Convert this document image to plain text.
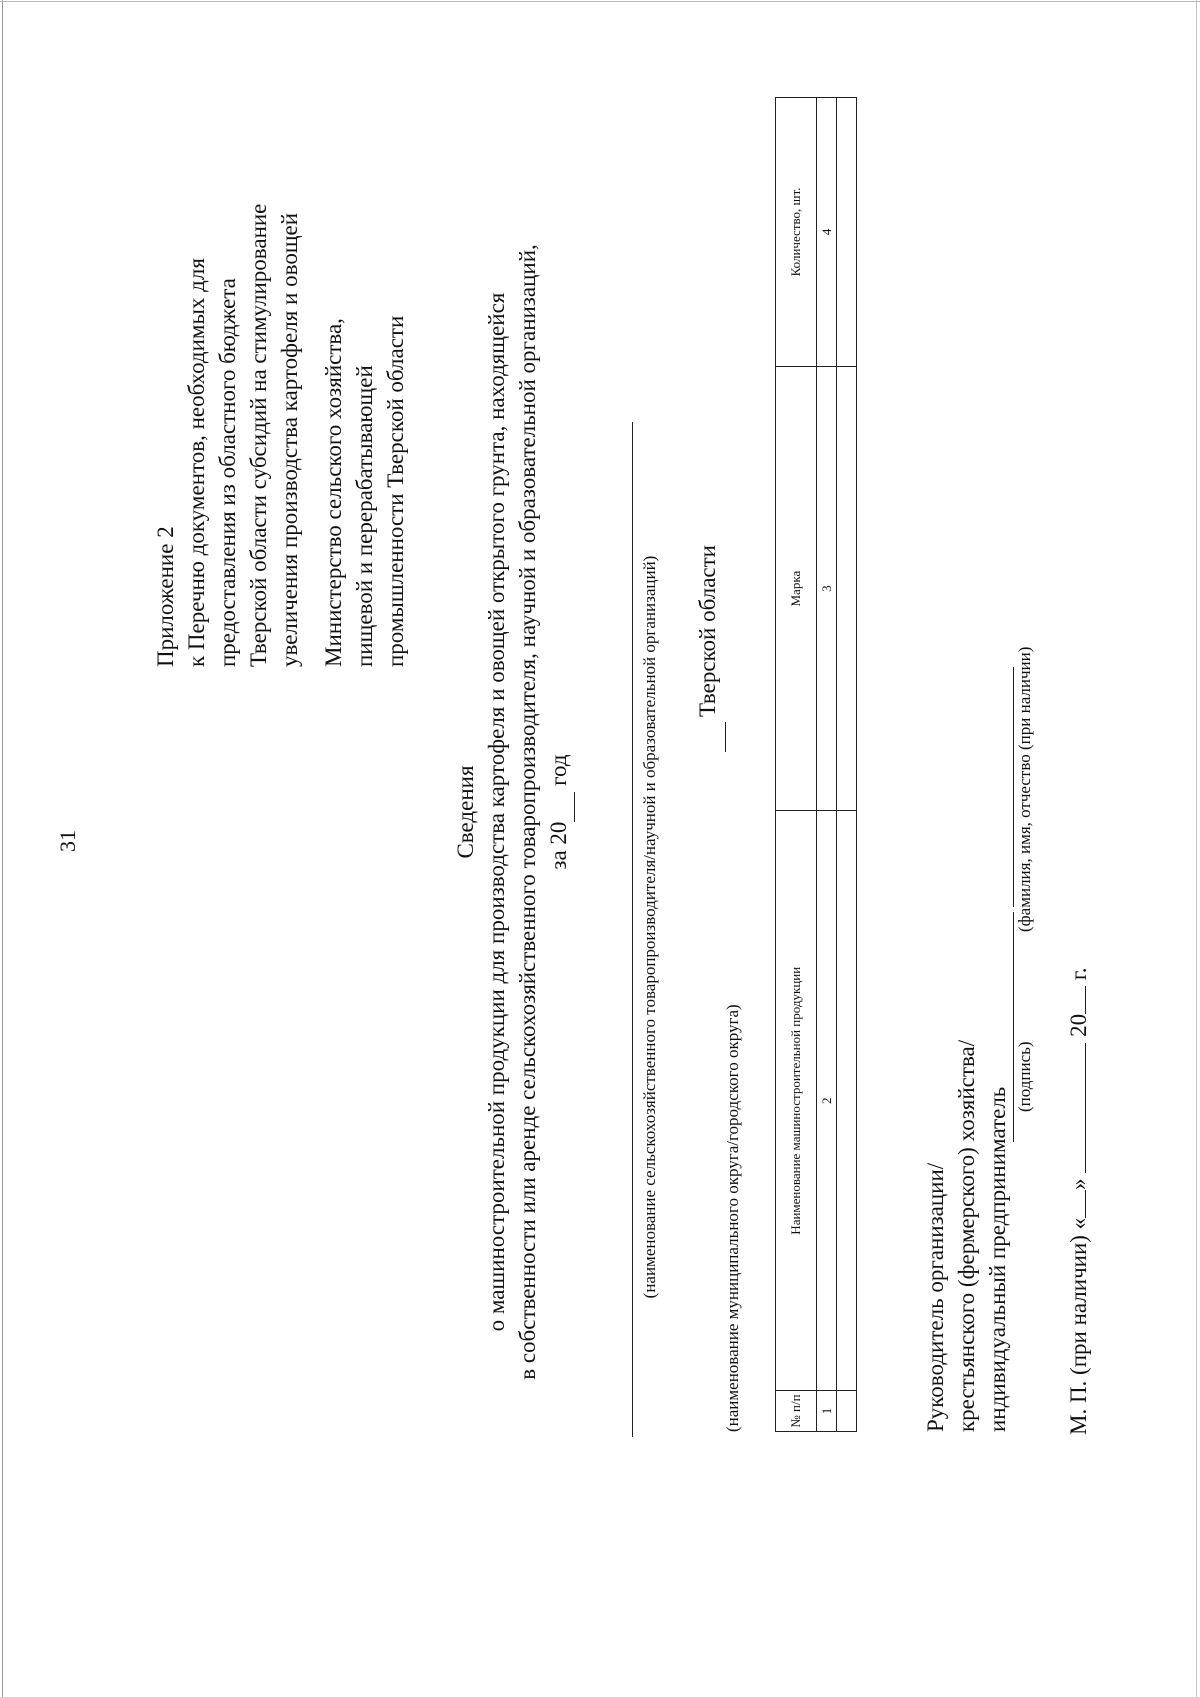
31

Приложение 2 к Перечню документов, необходимых для предоставления из областного бюджета Тверской области субсидий на стимулирование увеличения производства картофеля и овощей Министерство сельского хозяйства, пищевой и перерабатывающей промышленности Тверской области
Сведения о машиностроительной продукции для производства картофеля и овощей открытого грунта, находящейся в собственности или аренде сельскохозяйственного товаропроизводителя, научной и образовательной организаций, за 20  год	(наименование сельскохозяйственного товаропроизводителя/научной и образовательной организаций) Тверской области
(наименование муниципального округа/городского округа)	№ п/п	Наименование машиностроительной продукции	Марка	Количество, шт.
1	2	3	4

Руководитель организации/ крестьянского (фермерского) хозяйства/ индивидуальный предприниматель
(подпись)
(фамилия, имя, отчество (при наличии)
М. П. (при наличии) «»  20 г.
